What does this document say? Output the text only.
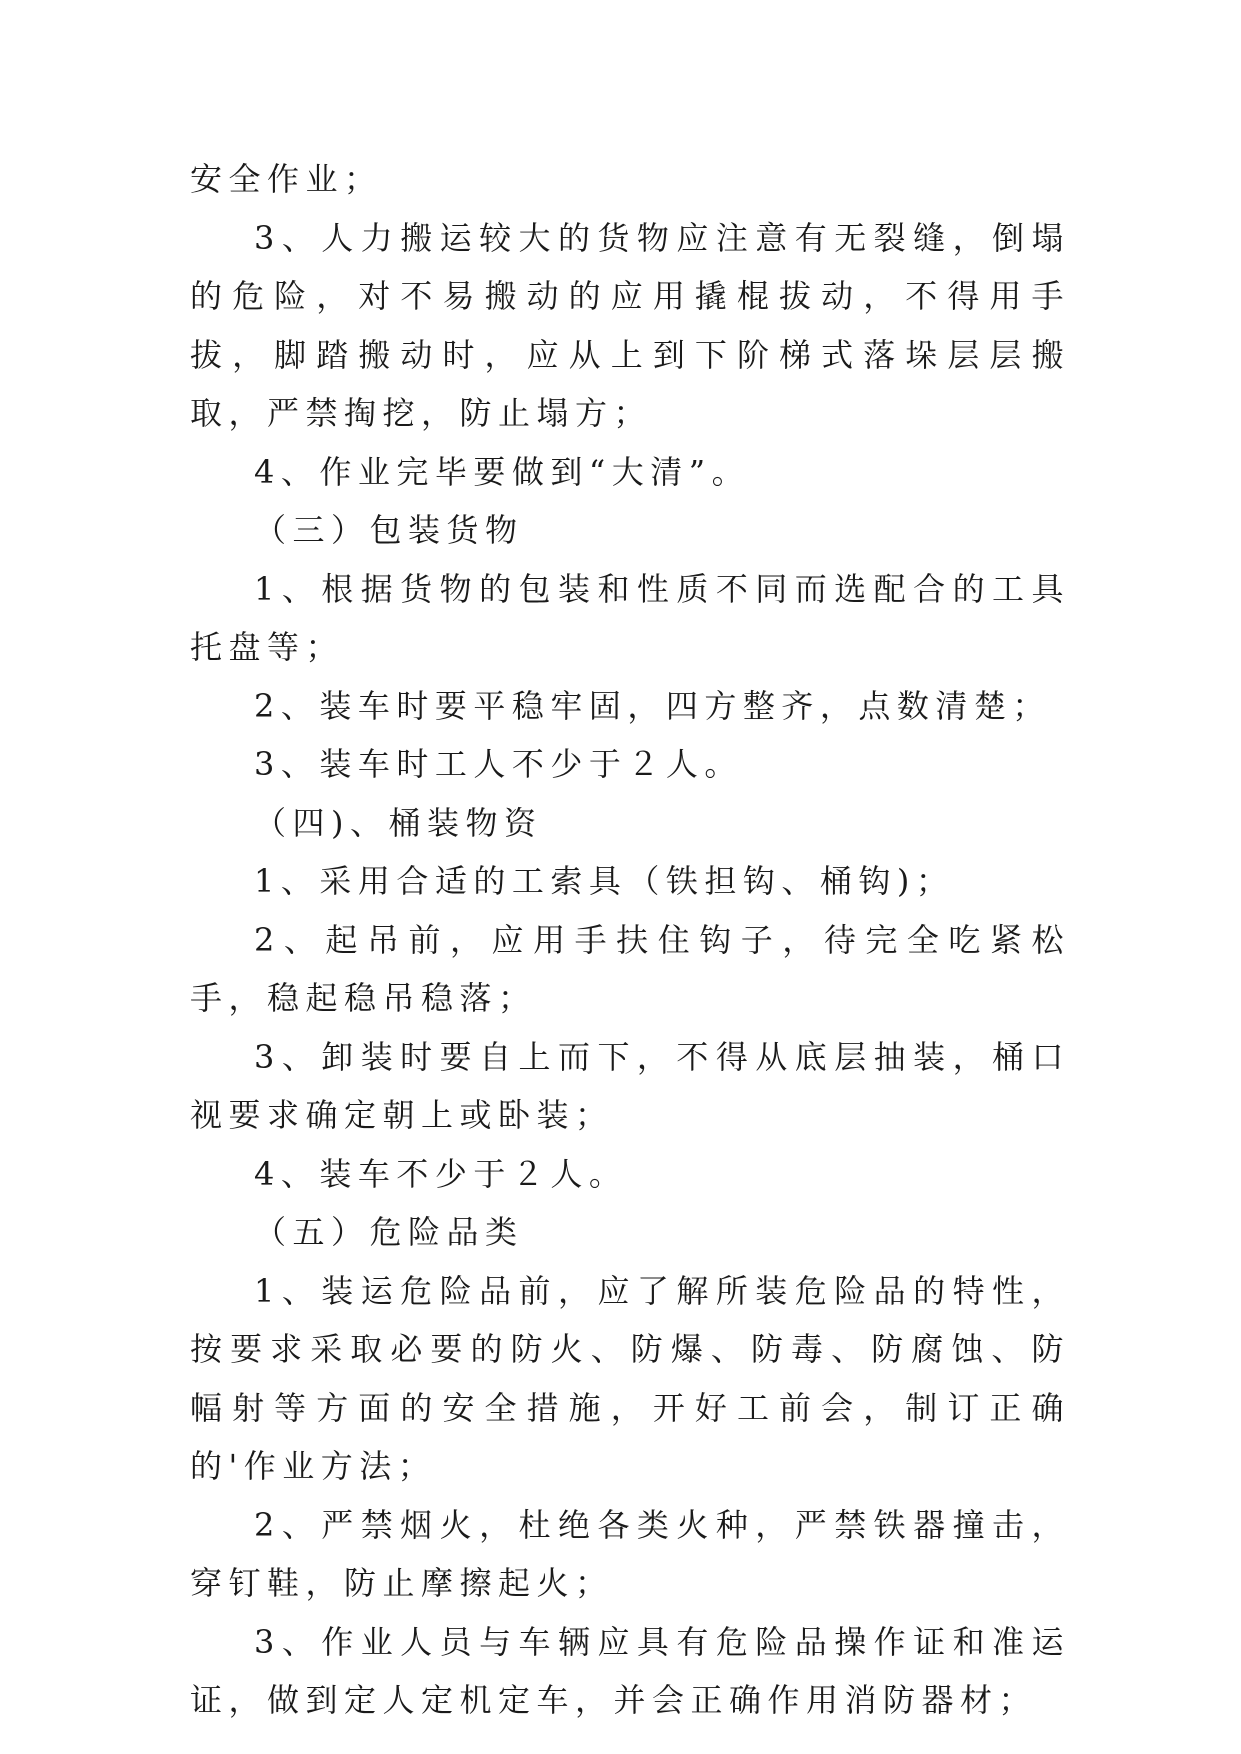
安全作业；

3、人力搬运较大的货物应注意有无裂缝，倒塌的危险，对不易搬动的应用撬棍拔动，不得用手拔，脚踏搬动时，应从上到下阶梯式落垛层层搬取，严禁掏挖，防止塌方；

4、作业完毕要做到“大清”。

（三）包装货物

1、根据货物的包装和性质不同而选配合的工具托盘等；

2、装车时要平稳牢固，四方整齐，点数清楚；

3、装车时工人不少于２人。

（四)、桶装物资

1、采用合适的工索具（铁担钩、桶钩)；

2、起吊前，应用手扶住钩子，待完全吃紧松手，稳起稳吊稳落；

3、卸装时要自上而下，不得从底层抽装，桶口视要求确定朝上或卧装；

4、装车不少于２人。

（五）危险品类

1、装运危险品前，应了解所装危险品的特性，按要求采取必要的防火、防爆、防毒、防腐蚀、防幅射等方面的安全措施，开好工前会，制订正确的'作业方法；

2、严禁烟火，杜绝各类火种，严禁铁器撞击，穿钉鞋，防止摩擦起火；

3、作业人员与车辆应具有危险品操作证和准运证，做到定人定机定车，并会正确作用消防器材；
